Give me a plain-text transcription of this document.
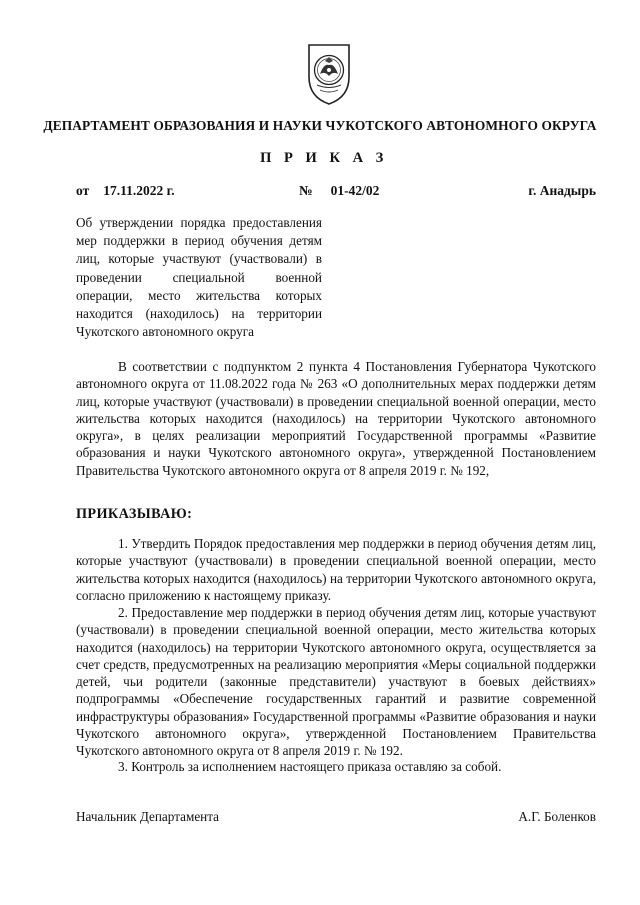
ДЕПАРТАМЕНТ ОБРАЗОВАНИЯ И НАУКИ ЧУКОТСКОГО АВТОНОМНОГО ОКРУГА
П Р И К А З
от 17.11.2022 г.	№ 01-42/02	г. Анадырь
Об утверждении порядка предоставления мер поддержки в период обучения детям лиц, которые участвуют (участвовали) в проведении специальной военной операции, место жительства которых находится (находилось) на территории Чукотского автономного округа

В соответствии с подпунктом 2 пункта 4 Постановления Губернатора Чукотского автономного округа от 11.08.2022 года № 263 «О дополнительных мерах поддержки детям лиц, которые участвуют (участвовали) в проведении специальной военной операции, место жительства которых находится (находилось) на территории Чукотского автономного округа», в целях реализации мероприятий Государственной программы «Развитие образования и науки Чукотского автономного округа», утвержденной Постановлением Правительства Чукотского автономного округа от 8 апреля 2019 г. № 192,

ПРИКАЗЫВАЮ:

1. Утвердить Порядок предоставления мер поддержки в период обучения детям лиц, которые участвуют (участвовали) в проведении специальной военной операции, место жительства которых находится (находилось) на территории Чукотского автономного округа, согласно приложению к настоящему приказу.

2. Предоставление мер поддержки в период обучения детям лиц, которые участвуют (участвовали) в проведении специальной военной операции, место жительства которых находится (находилось) на территории Чукотского автономного округа, осуществляется за счет средств, предусмотренных на реализацию мероприятия «Меры социальной поддержки детей, чьи родители (законные представители) участвуют в боевых действиях» подпрограммы «Обеспечение государственных гарантий и развитие современной инфраструктуры образования» Государственной программы «Развитие образования и науки Чукотского автономного округа», утвержденной Постановлением Правительства Чукотского автономного округа от 8 апреля 2019 г. № 192.

3. Контроль за исполнением настоящего приказа оставляю за собой.

Начальник Департамента	А.Г. Боленков
